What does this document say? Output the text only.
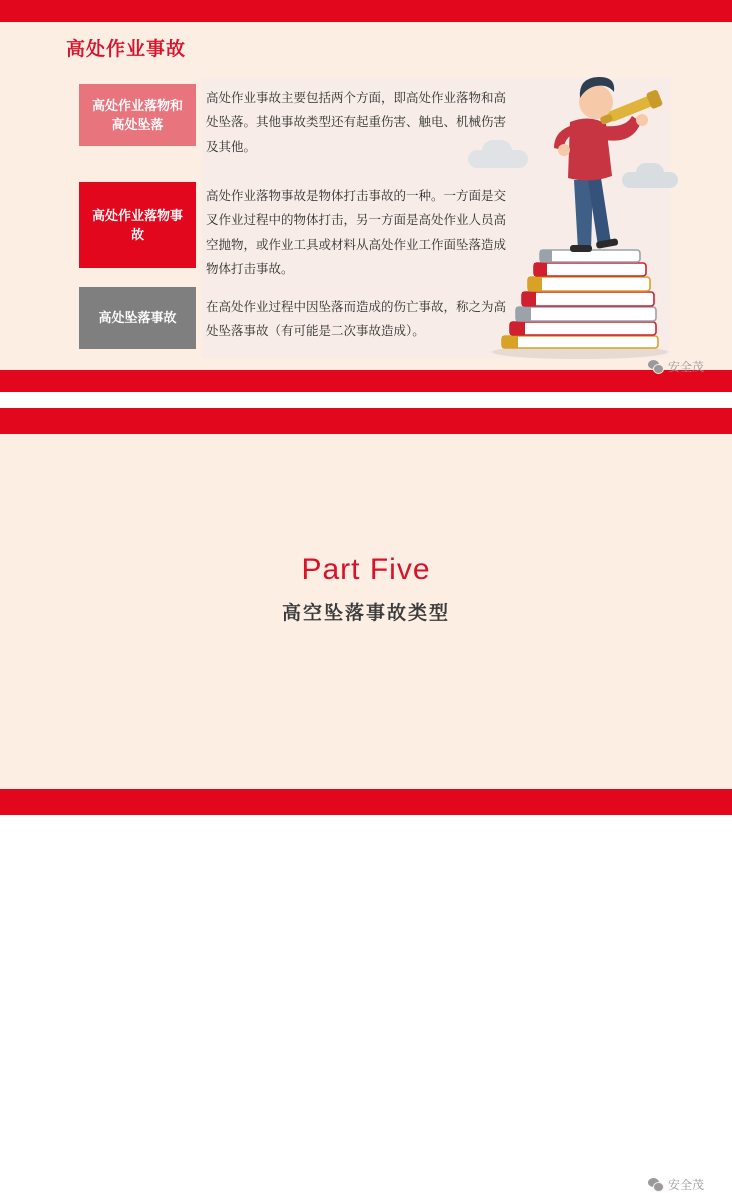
高处作业事故
高处作业落物和高处坠落
高处作业事故主要包括两个方面，即高处作业落物和高处坠落。其他事故类型还有起重伤害、触电、机械伤害及其他。
高处作业落物事故
高处作业落物事故是物体打击事故的一种。一方面是交叉作业过程中的物体打击，另一方面是高处作业人员高空抛物，或作业工具或材料从高处作业工作面坠落造成物体打击事故。
高处坠落事故
在高处作业过程中因坠落而造成的伤亡事故，称之为高处坠落事故（有可能是二次事故造成）。
安全茂
Part Five
高空坠落事故类型
安全茂
